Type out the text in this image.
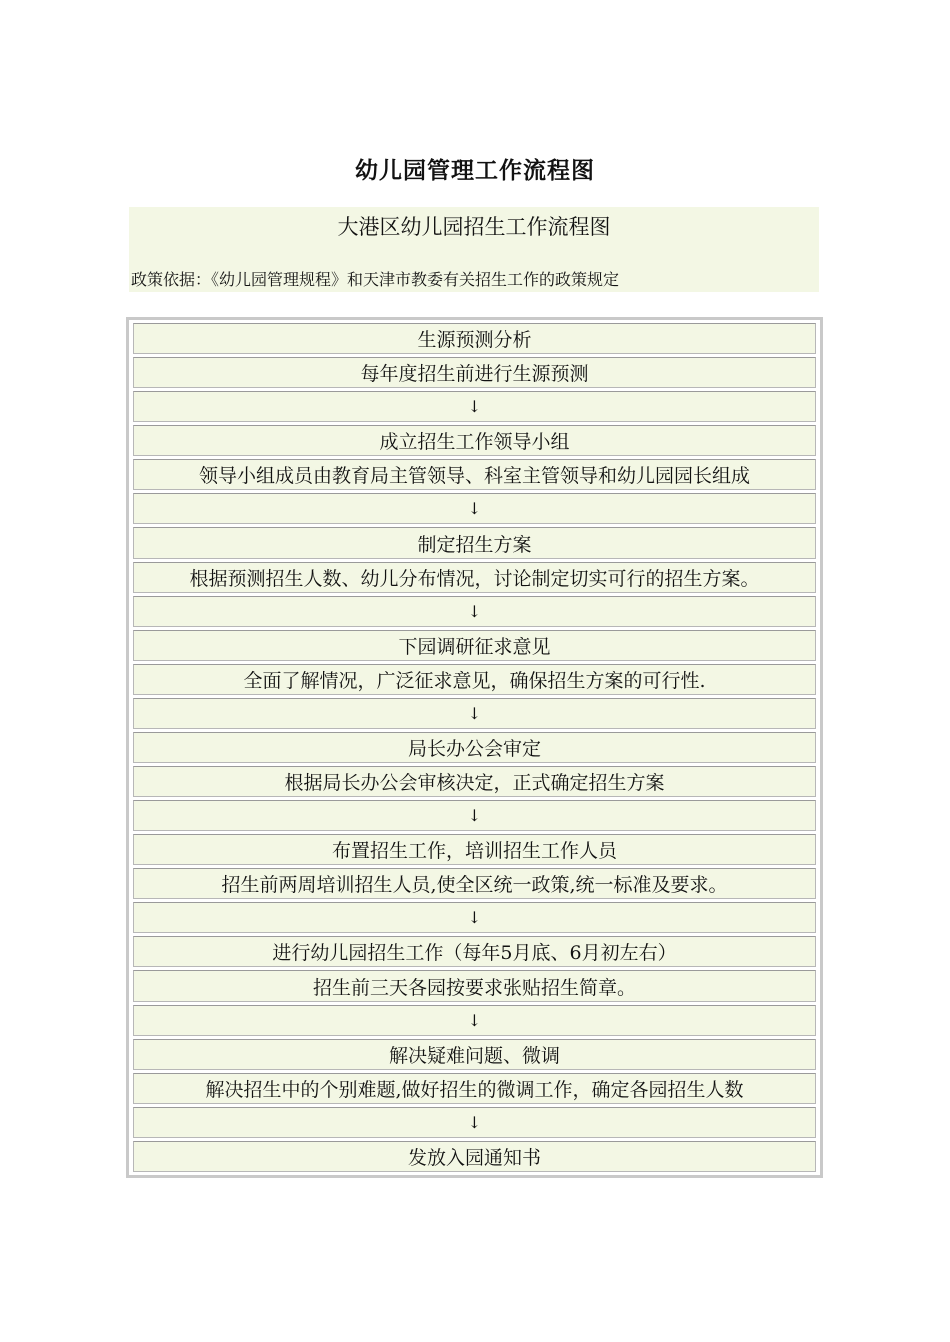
幼儿园管理工作流程图
大港区幼儿园招生工作流程图
政策依据：《幼儿园管理规程》和天津市教委有关招生工作的政策规定
生源预测分析
每年度招生前进行生源预测
↓
成立招生工作领导小组
领导小组成员由教育局主管领导、科室主管领导和幼儿园园长组成
↓
制定招生方案
根据预测招生人数、幼儿分布情况，讨论制定切实可行的招生方案。
↓
下园调研征求意见
全面了解情况，广泛征求意见，确保招生方案的可行性.
↓
局长办公会审定
根据局长办公会审核决定，正式确定招生方案
↓
布置招生工作，培训招生工作人员
招生前两周培训招生人员,使全区统一政策,统一标准及要求。
↓
进行幼儿园招生工作（每年5月底、6月初左右）
招生前三天各园按要求张贴招生简章。
↓
解决疑难问题、微调
解决招生中的个别难题,做好招生的微调工作，确定各园招生人数
↓
发放入园通知书
